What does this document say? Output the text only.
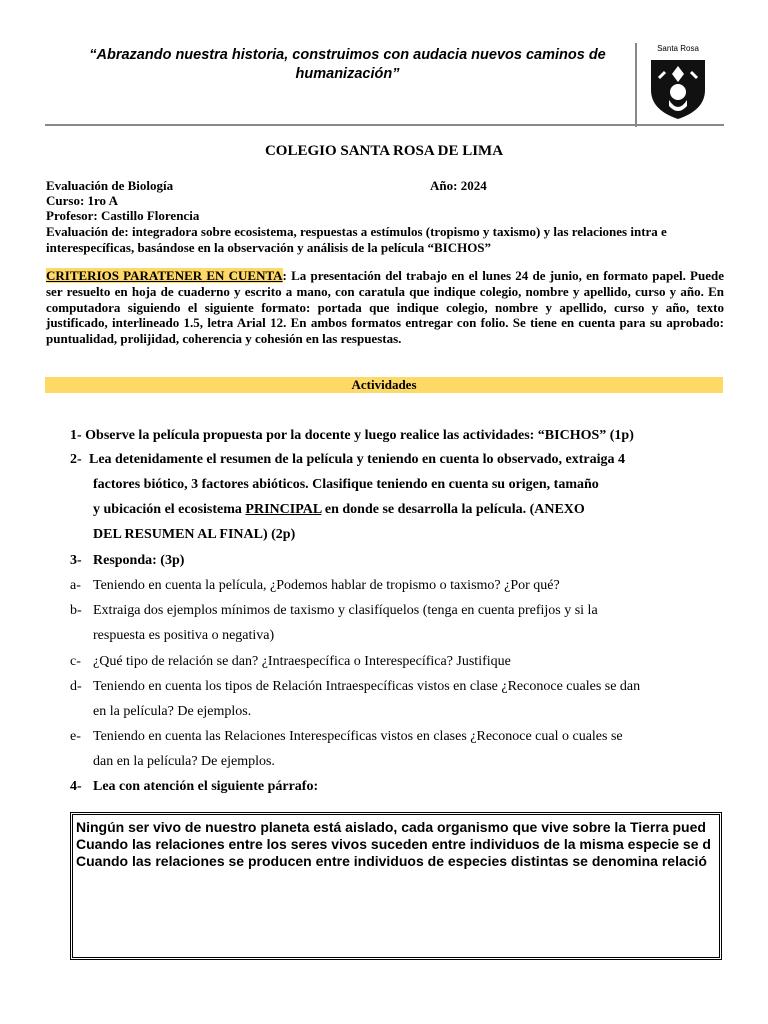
“Abrazando nuestra historia, construimos con audacia nuevos caminos de humanización”
Santa Rosa
COLEGIO SANTA ROSA DE LIMA
Evaluación de Biología	Año: 2024
Curso: 1ro A
Profesor: Castillo Florencia
Evaluación de: integradora sobre ecosistema, respuestas a estímulos (tropismo y taxismo) y las relaciones intra e interespecíficas, basándose en la observación y análisis de la película “BICHOS”
CRITERIOS PARATENER EN CUENTA: La presentación del trabajo en el lunes 24 de junio, en formato papel. Puede ser resuelto en hoja de cuaderno y escrito a mano, con caratula que indique colegio, nombre y apellido, curso y año. En computadora siguiendo el siguiente formato: portada que indique colegio, nombre y apellido, curso y año, texto justificado, interlineado 1.5, letra Arial 12. En ambos formatos entregar con folio. Se tiene en cuenta para su aprobado: puntualidad, prolijidad, coherencia y cohesión en las respuestas.
Actividades
1- Observe la película propuesta por la docente y luego realice las actividades: “BICHOS” (1p)
2- Lea detenidamente el resumen de la película y teniendo en cuenta lo observado, extraiga 4
factores biótico, 3 factores abióticos. Clasifique teniendo en cuenta su origen, tamaño
y ubicación el ecosistema PRINCIPAL en donde se desarrolla la película. (ANEXO
DEL RESUMEN AL FINAL) (2p)
3- Responda: (3p)
a- Teniendo en cuenta la película, ¿Podemos hablar de tropismo o taxismo? ¿Por qué?
b- Extraiga dos ejemplos mínimos de taxismo y clasifíquelos (tenga en cuenta prefijos y si la
respuesta es positiva o negativa)
c- ¿Qué tipo de relación se dan? ¿Intraespecífica o Interespecífica? Justifique
d- Teniendo en cuenta los tipos de Relación Intraespecíficas vistos en clase ¿Reconoce cuales se dan
en la película? De ejemplos.
e- Teniendo en cuenta las Relaciones Interespecíficas vistos en clases ¿Reconoce cual o cuales se
dan en la película? De ejemplos.
4- Lea con atención el siguiente párrafo:
Ningún ser vivo de nuestro planeta está aislado, cada organismo que vive sobre la Tierra pued
Cuando las relaciones entre los seres vivos suceden entre individuos de la misma especie se d
Cuando las relaciones se producen entre individuos de especies distintas se denomina relació
